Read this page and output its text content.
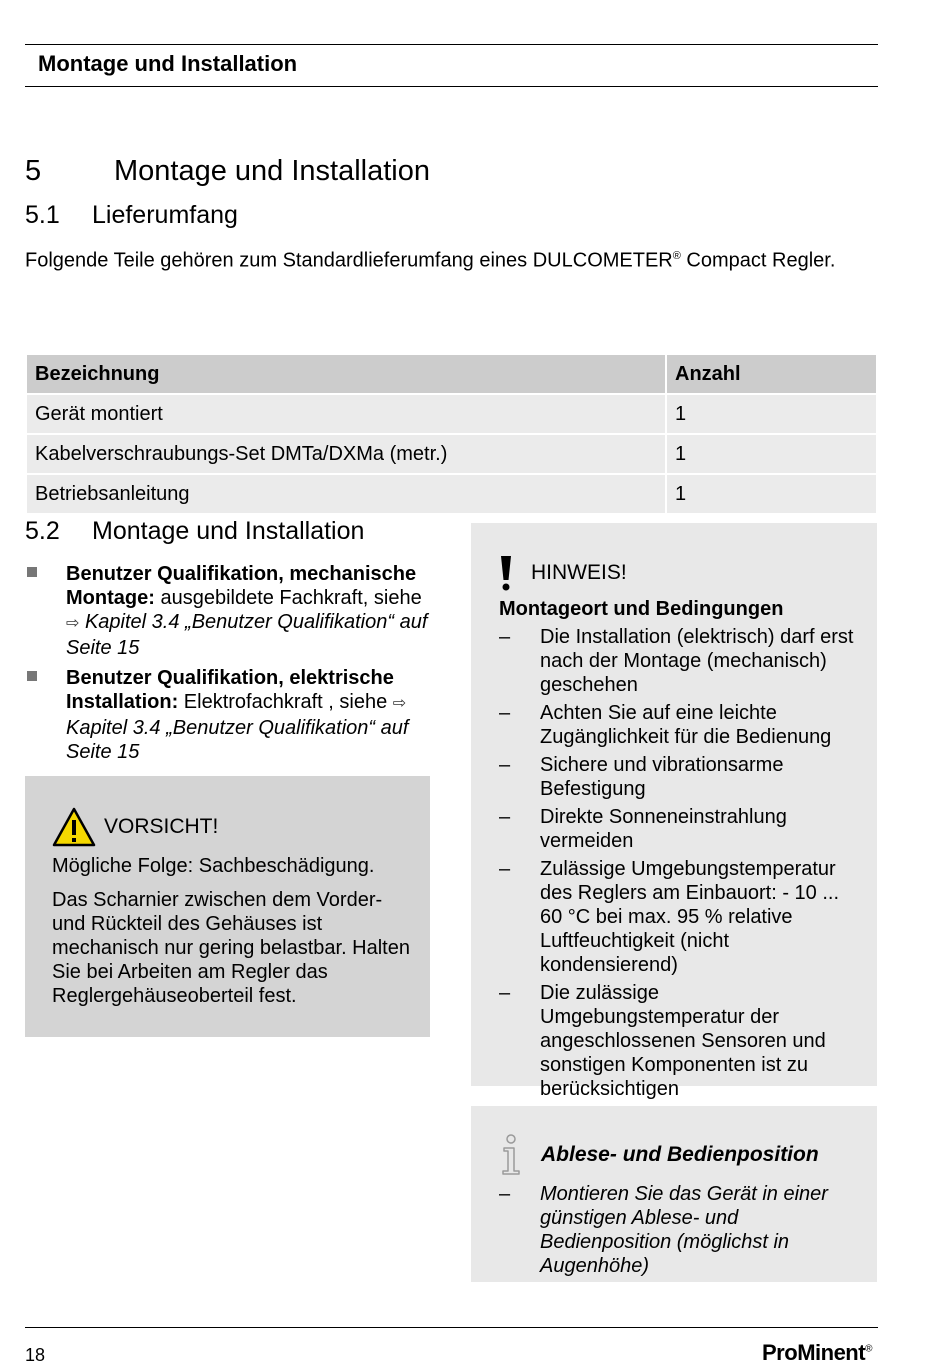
Montage und Installation
5	Montage und Installation
5.1 Lieferumfang
Folgende Teile gehören zum Standardlieferumfang eines DULCOMETER® Compact Regler.
Bezeichnung	Anzahl
Gerät montiert	1
Kabelverschraubungs-Set DMTa/DXMa (metr.)	1
Betriebsanleitung	1
5.2 Montage und Installation
Benutzer Qualifikation, mechanische Montage: ausgebildete Fachkraft, siehe ⇨ Kapitel 3.4 „Benutzer Qualifikation“ auf Seite 15
Benutzer Qualifikation, elektrische Installation: Elektrofachkraft , siehe ⇨ Kapitel 3.4 „Benutzer Qualifikation“ auf Seite 15
VORSICHT!

Mögliche Folge: Sachbeschädigung.

Das Scharnier zwischen dem Vorder- und Rückteil des Gehäuses ist mechanisch nur gering belastbar. Halten Sie bei Arbeiten am Regler das Reglergehäuseoberteil fest.

HINWEIS!
Montageort und Bedingungen
– Die Installation (elektrisch) darf erst nach der Montage (mechanisch) geschehen
– Achten Sie auf eine leichte Zugänglichkeit für die Bedienung
– Sichere und vibrationsarme Befestigung
– Direkte Sonneneinstrahlung vermeiden
– Zulässige Umgebungstemperatur des Reglers am Einbauort: - 10 ... 60 °C bei max. 95 % relative Luftfeuchtigkeit (nicht kondensierend)
– Die zulässige Umgebungstemperatur der angeschlossenen Sensoren und sonstigen Komponenten ist zu berücksichtigen
Ablese- und Bedienposition
– Montieren Sie das Gerät in einer günstigen Ablese- und Bedienposition (möglichst in Augenhöhe)
18	ProMinent®
